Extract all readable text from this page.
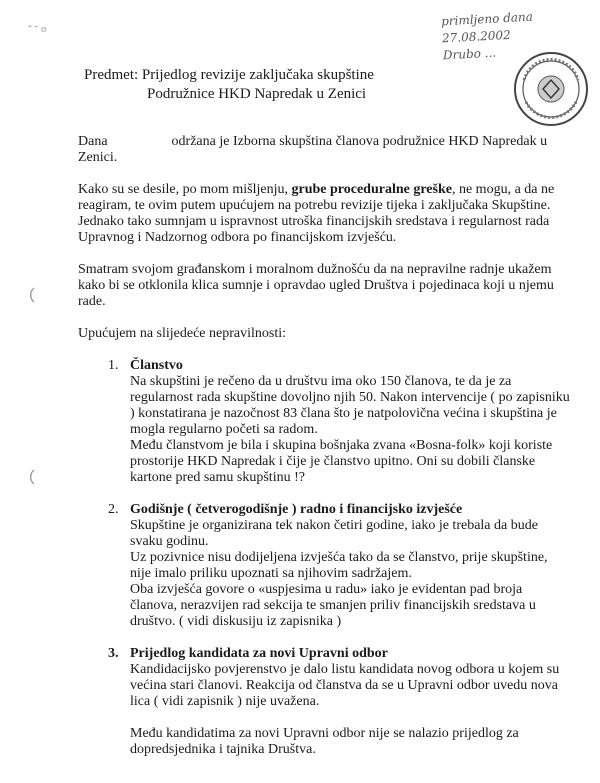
ˆ ˜ ¤
primljeno dana
27.08.2002
Drubo ...
Predmet: Prijedlog revizije zaključaka skupštine
Podružnice HKD Napredak u Zenici

Dana	održana je Izborna skupština članova podružnice HKD Napredak u Zenici.

Kako su se desile, po mom mišljenju, grube proceduralne greške, ne mogu, a da ne reagiram, te ovim putem upućujem na potrebu revizije tijeka i zaključaka Skupštine. Jednako tako sumnjam u ispravnost utroška financijskih sredstava i regularnost rada Upravnog i Nadzornog odbora po financijskom izvješću.

Smatram svojom građanskom i moralnom dužnošću da na nepravilne radnje ukažem kako bi se otklonila klica sumnje i opravdao ugled Društva i pojedinaca koji u njemu rade.

Upućujem na slijedeće nepravilnosti:

1. Članstvo

Na skupštini je rečeno da u društvu ima oko 150 članova, te da je za regularnost rada skupštine dovoljno njih 50. Nakon intervencije ( po zapisniku ) konstatirana je nazočnost 83 člana što je natpolovična većina i skupština je mogla regularno početi sa radom.

Među članstvom je bila i skupina bošnjaka zvana «Bosna-folk» koji koriste prostorije HKD Napredak i čije je članstvo upitno. Oni su dobili članske kartone pred samu skupštinu !?

2. Godišnje ( četverogodišnje ) radno i financijsko izvješće

Skupštine je organizirana tek nakon četiri godine, iako je trebala da bude svaku godinu.

Uz pozivnice nisu dodijeljena izvješća tako da se članstvo, prije skupštine, nije imalo priliku upoznati sa njihovim sadržajem.

Oba izvješća govore o «uspjesima u radu» iako je evidentan pad broja članova, nerazvijen rad sekcija te smanjen priliv financijskih sredstava u društvo. ( vidi diskusiju iz zapisnika )

3. Prijedlog kandidata za novi Upravni odbor

Kandidacijsko povjerenstvo je dalo listu kandidata novog odbora u kojem su većina stari članovi. Reakcija od članstva da se u Upravni odbor uvedu nova lica ( vidi zapisnik ) nije uvažena.

Među kandidatima za novi Upravni odbor nije se nalazio prijedlog za dopredsjednika i tajnika Društva.
